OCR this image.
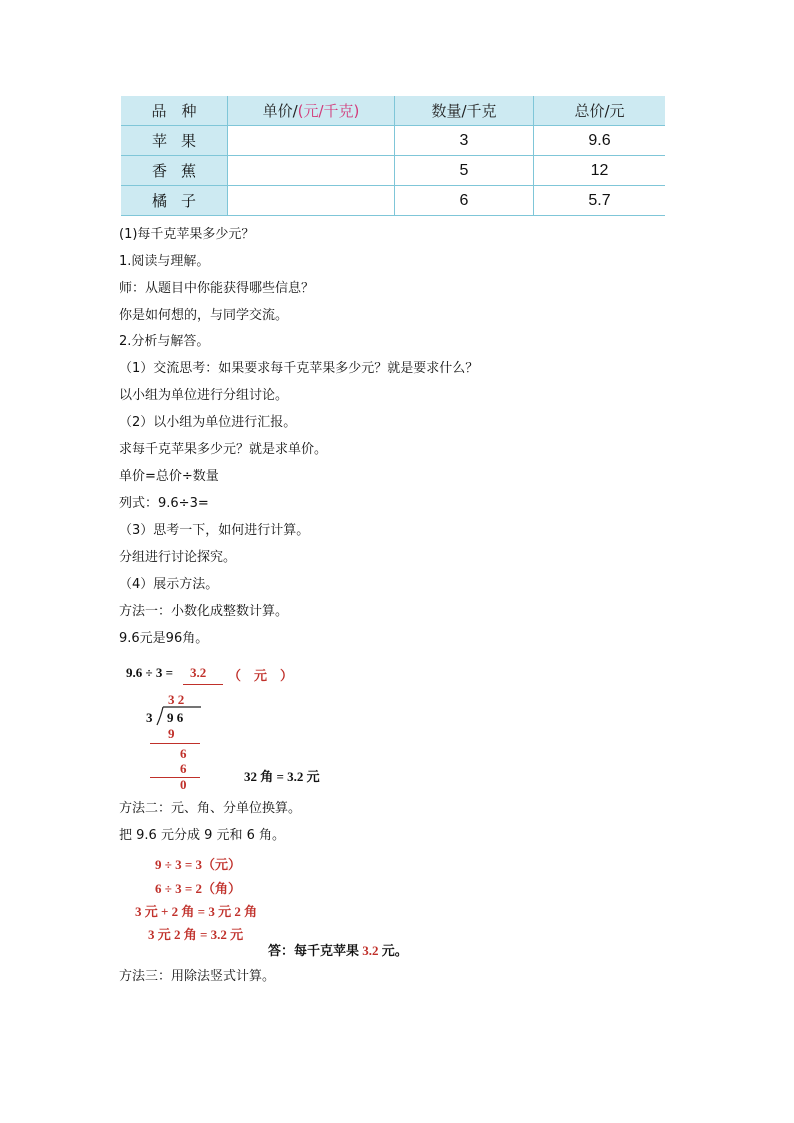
品　种	单价/(元/千克)	数量/千克	总价/元
苹果		3	9.6
香蕉		5	12
橘子		6	5.7
(1)每千克苹果多少元？
1.阅读与理解。
师：从题目中你能获得哪些信息？
你是如何想的，与同学交流。
2.分析与解答。
（1）交流思考：如果要求每千克苹果多少元？就是要求什么？
以小组为单位进行分组讨论。
（2）以小组为单位进行汇报。
求每千克苹果多少元？就是求单价。
单价=总价÷数量
列式：9.6÷3=
（3）思考一下，如何进行计算。
分组进行讨论探究。
（4）展示方法。
方法一：小数化成整数计算。
9.6元是96角。
9.6 ÷ 3 = 3.2 （　元　）
3 2
3 9 6
9
6
6
0
32 角 = 3.2 元
方法二：元、角、分单位换算。
把 9.6 元分成 9 元和 6 角。
9 ÷ 3 = 3（元）
6 ÷ 3 = 2（角）
3 元 + 2 角 = 3 元 2 角
3 元 2 角 = 3.2 元
答：每千克苹果 3.2 元。
方法三：用除法竖式计算。
